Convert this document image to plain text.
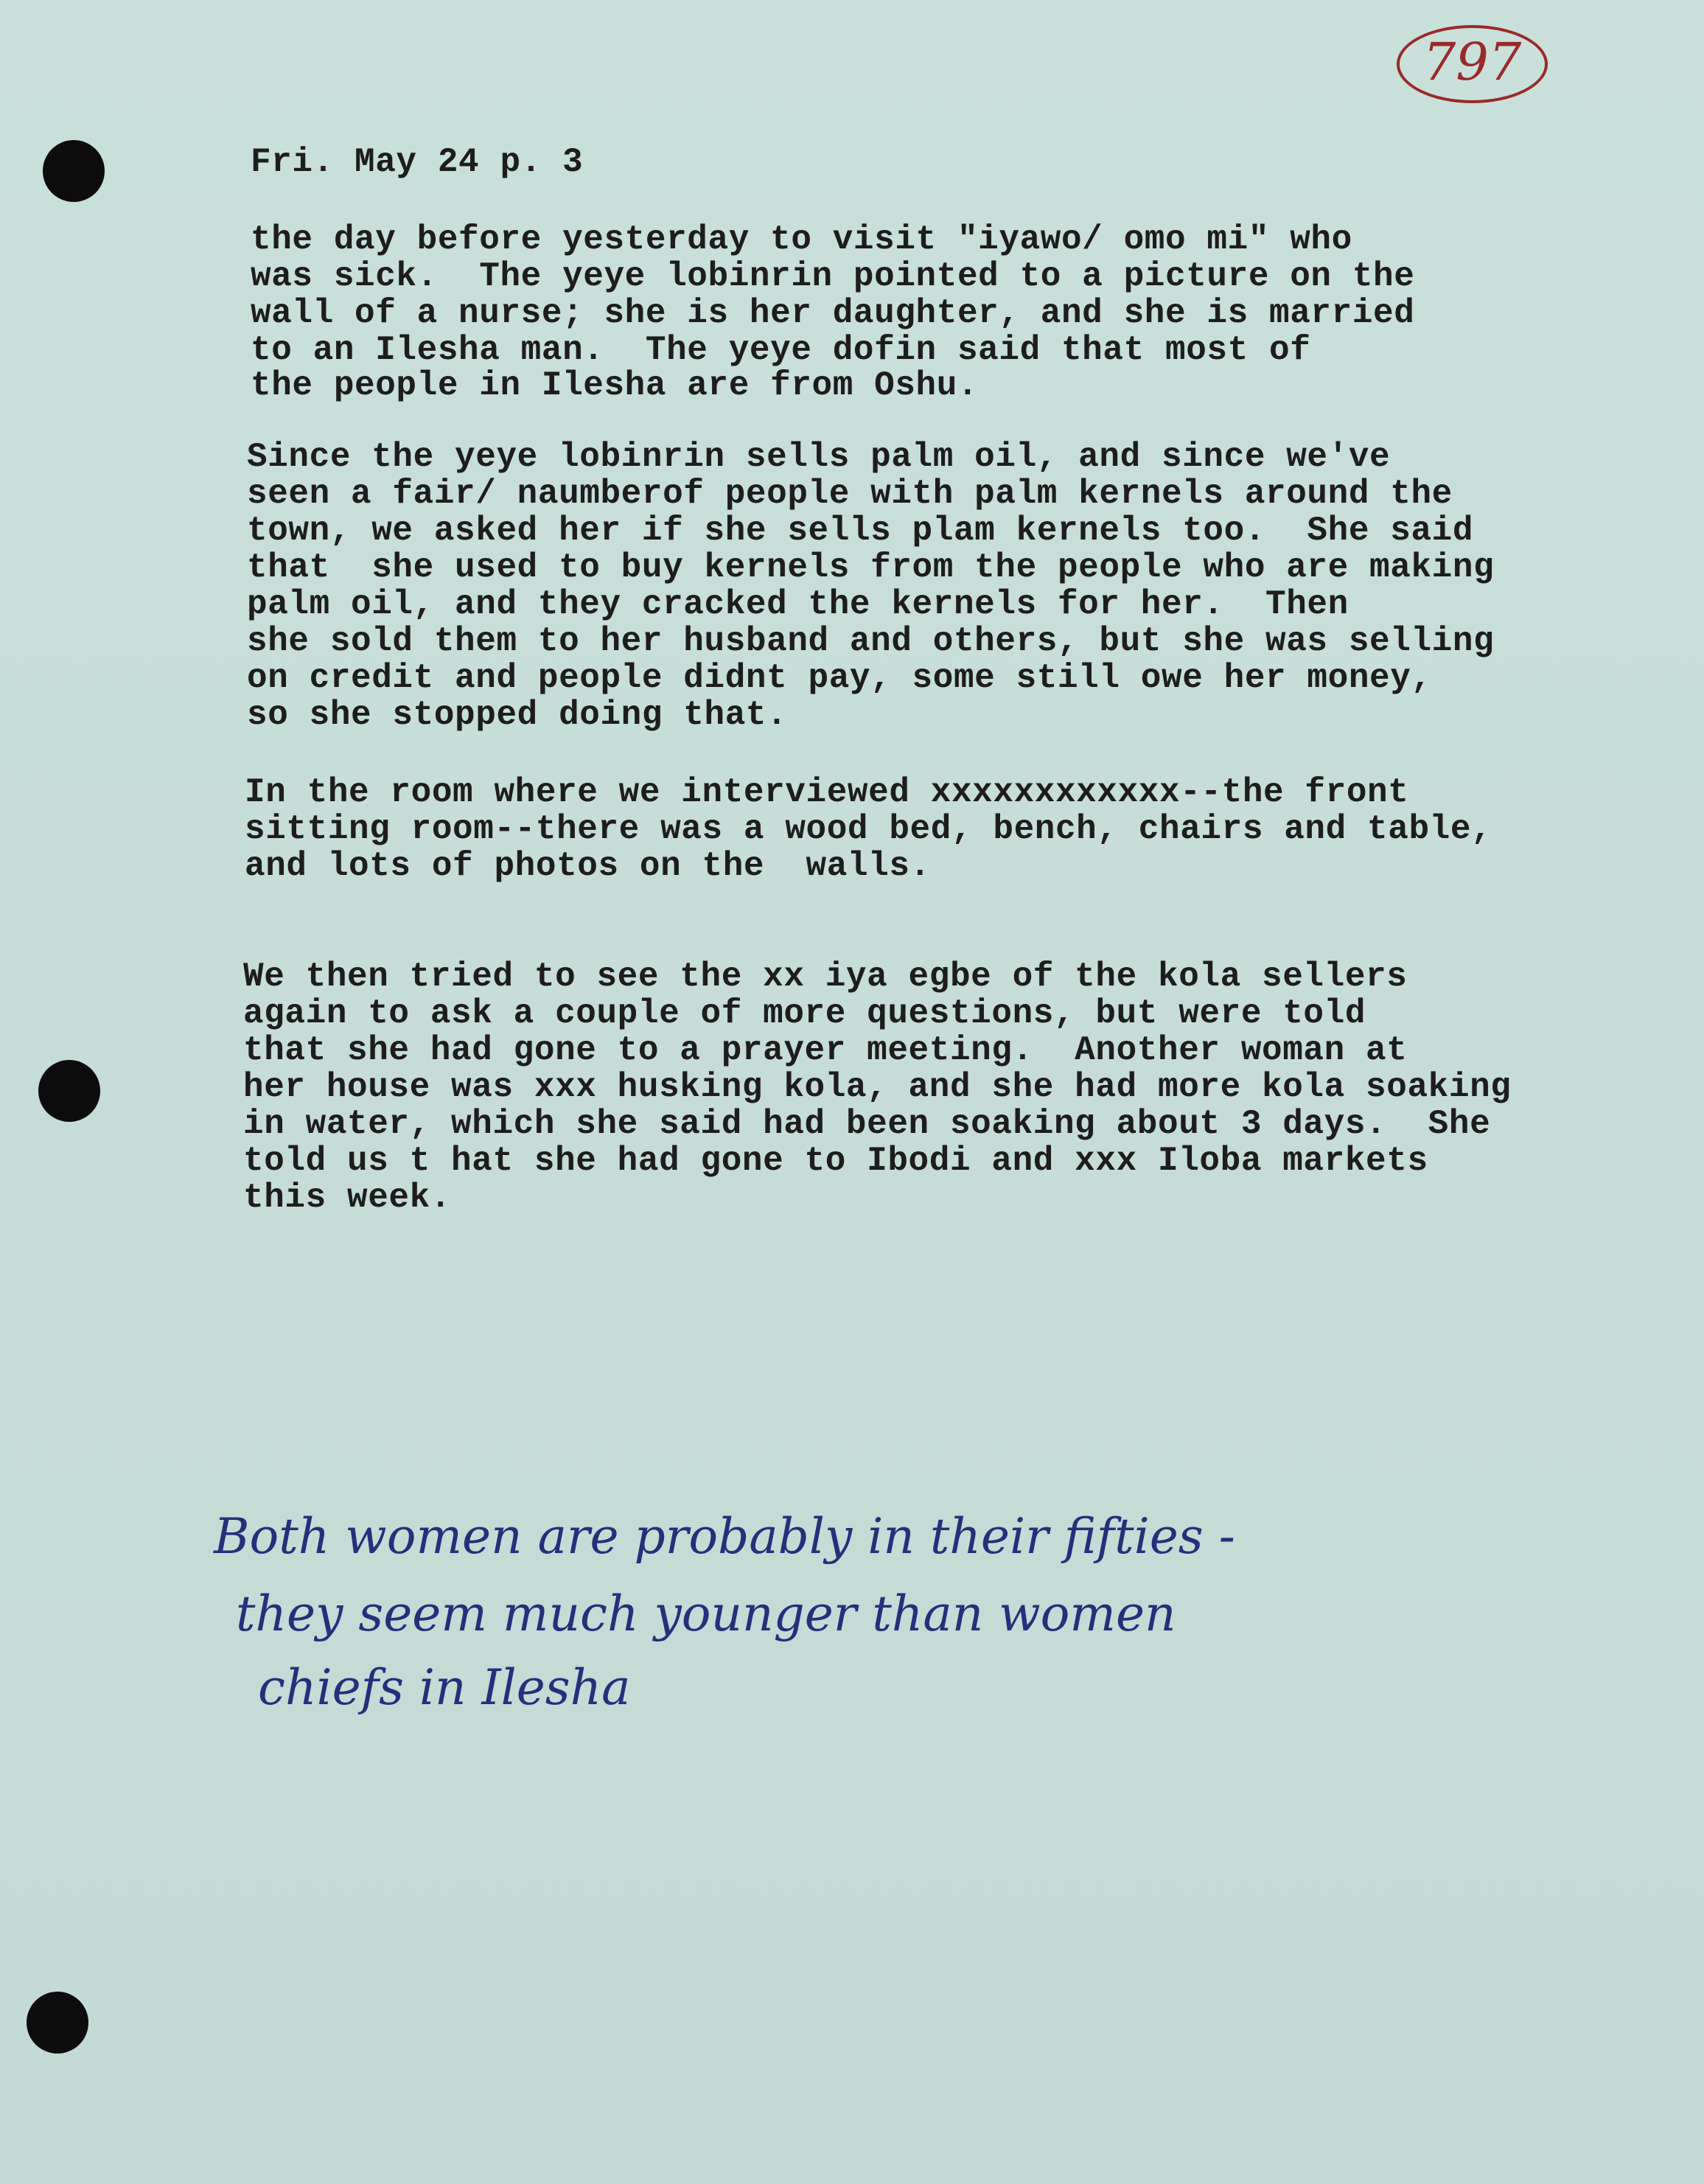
797

Fri. May 24 p. 3

the day before yesterday to visit "iyawo/ omo mi" who

was sick.  The yeye lobinrin pointed to a picture on the

wall of a nurse; she is her daughter, and she is married

to an Ilesha man.  The yeye dofin said that most of

the people in Ilesha are from Oshu.

Since the yeye lobinrin sells palm oil, and since we've

seen a fair/ naumberof people with palm kernels around the

town, we asked her if she sells plam kernels too.  She said

that  she used to buy kernels from the people who are making

palm oil, and they cracked the kernels for her.  Then

she sold them to her husband and others, but she was selling

on credit and people didnt pay, some still owe her money,

so she stopped doing that.

In the room where we interviewed xxxxxxxxxxxx--the front

sitting room--there was a wood bed, bench, chairs and table,

and lots of photos on the  walls.

We then tried to see the xx iya egbe of the kola sellers

again to ask a couple of more questions, but were told

that she had gone to a prayer meeting.  Another woman at

her house was xxx husking kola, and she had more kola soaking

in water, which she said had been soaking about 3 days.  She

told us t hat she had gone to Ibodi and xxx Iloba markets

this week.

Both women are probably in their fifties -
they seem much younger than women
chiefs in Ilesha
